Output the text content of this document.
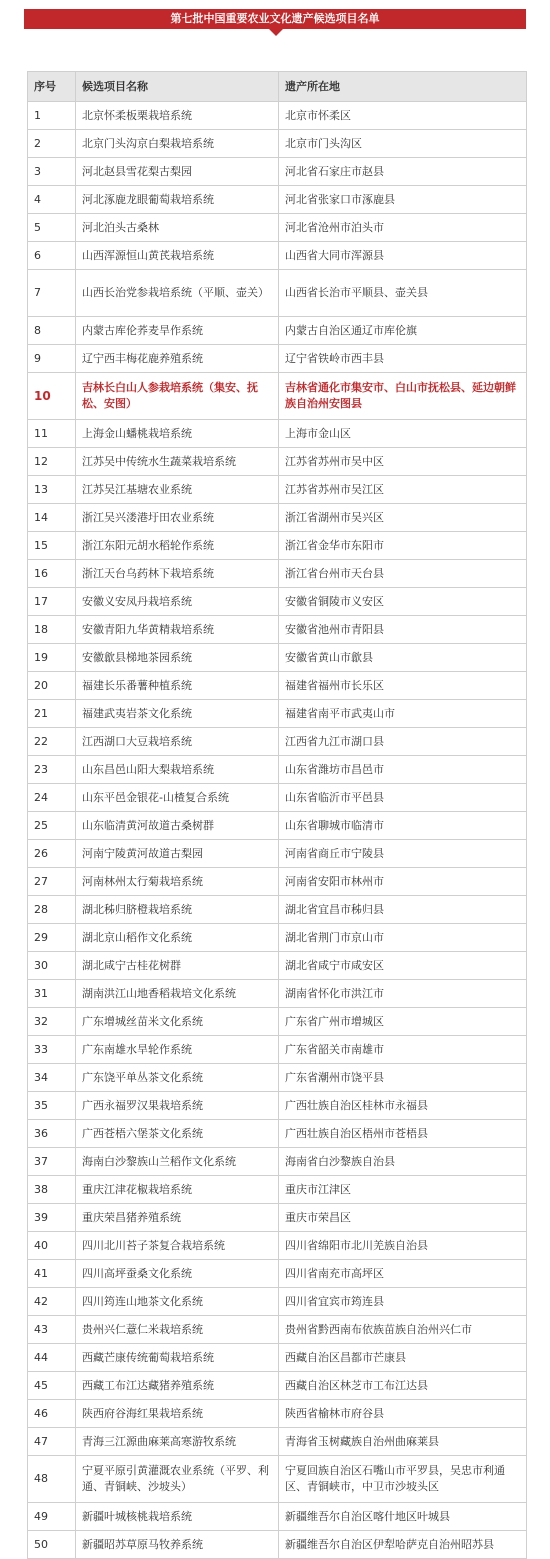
第七批中国重要农业文化遗产候选项目名单
序号	候选项目名称	遗产所在地
1	北京怀柔板栗栽培系统	北京市怀柔区
2	北京门头沟京白梨栽培系统	北京市门头沟区
3	河北赵县雪花梨古梨园	河北省石家庄市赵县
4	河北涿鹿龙眼葡萄栽培系统	河北省张家口市涿鹿县
5	河北泊头古桑林	河北省沧州市泊头市
6	山西浑源恒山黄芪栽培系统	山西省大同市浑源县
7	山西长治党参栽培系统（平顺、壶关）	山西省长治市平顺县、壶关县
8	内蒙古库伦荞麦旱作系统	内蒙古自治区通辽市库伦旗
9	辽宁西丰梅花鹿养殖系统	辽宁省铁岭市西丰县
10	吉林长白山人参栽培系统（集安、抚松、安图）	吉林省通化市集安市、白山市抚松县、延边朝鲜族自治州安图县
11	上海金山蟠桃栽培系统	上海市金山区
12	江苏吴中传统水生蔬菜栽培系统	江苏省苏州市吴中区
13	江苏吴江基塘农业系统	江苏省苏州市吴江区
14	浙江吴兴溇港圩田农业系统	浙江省湖州市吴兴区
15	浙江东阳元胡水稻轮作系统	浙江省金华市东阳市
16	浙江天台乌药林下栽培系统	浙江省台州市天台县
17	安徽义安凤丹栽培系统	安徽省铜陵市义安区
18	安徽青阳九华黄精栽培系统	安徽省池州市青阳县
19	安徽歙县梯地茶园系统	安徽省黄山市歙县
20	福建长乐番薯种植系统	福建省福州市长乐区
21	福建武夷岩茶文化系统	福建省南平市武夷山市
22	江西湖口大豆栽培系统	江西省九江市湖口县
23	山东昌邑山阳大梨栽培系统	山东省潍坊市昌邑市
24	山东平邑金银花-山楂复合系统	山东省临沂市平邑县
25	山东临清黄河故道古桑树群	山东省聊城市临清市
26	河南宁陵黄河故道古梨园	河南省商丘市宁陵县
27	河南林州太行菊栽培系统	河南省安阳市林州市
28	湖北秭归脐橙栽培系统	湖北省宜昌市秭归县
29	湖北京山稻作文化系统	湖北省荆门市京山市
30	湖北咸宁古桂花树群	湖北省咸宁市咸安区
31	湖南洪江山地香稻栽培文化系统	湖南省怀化市洪江市
32	广东增城丝苗米文化系统	广东省广州市增城区
33	广东南雄水旱轮作系统	广东省韶关市南雄市
34	广东饶平单丛茶文化系统	广东省潮州市饶平县
35	广西永福罗汉果栽培系统	广西壮族自治区桂林市永福县
36	广西苍梧六堡茶文化系统	广西壮族自治区梧州市苍梧县
37	海南白沙黎族山兰稻作文化系统	海南省白沙黎族自治县
38	重庆江津花椒栽培系统	重庆市江津区
39	重庆荣昌猪养殖系统	重庆市荣昌区
40	四川北川苔子茶复合栽培系统	四川省绵阳市北川羌族自治县
41	四川高坪蚕桑文化系统	四川省南充市高坪区
42	四川筠连山地茶文化系统	四川省宜宾市筠连县
43	贵州兴仁薏仁米栽培系统	贵州省黔西南布依族苗族自治州兴仁市
44	西藏芒康传统葡萄栽培系统	西藏自治区昌都市芒康县
45	西藏工布江达藏猪养殖系统	西藏自治区林芝市工布江达县
46	陕西府谷海红果栽培系统	陕西省榆林市府谷县
47	青海三江源曲麻莱高寒游牧系统	青海省玉树藏族自治州曲麻莱县
48	宁夏平原引黄灌溉农业系统（平罗、利通、青铜峡、沙坡头）	宁夏回族自治区石嘴山市平罗县，吴忠市利通区、青铜峡市，中卫市沙坡头区
49	新疆叶城核桃栽培系统	新疆维吾尔自治区喀什地区叶城县
50	新疆昭苏草原马牧养系统	新疆维吾尔自治区伊犁哈萨克自治州昭苏县
